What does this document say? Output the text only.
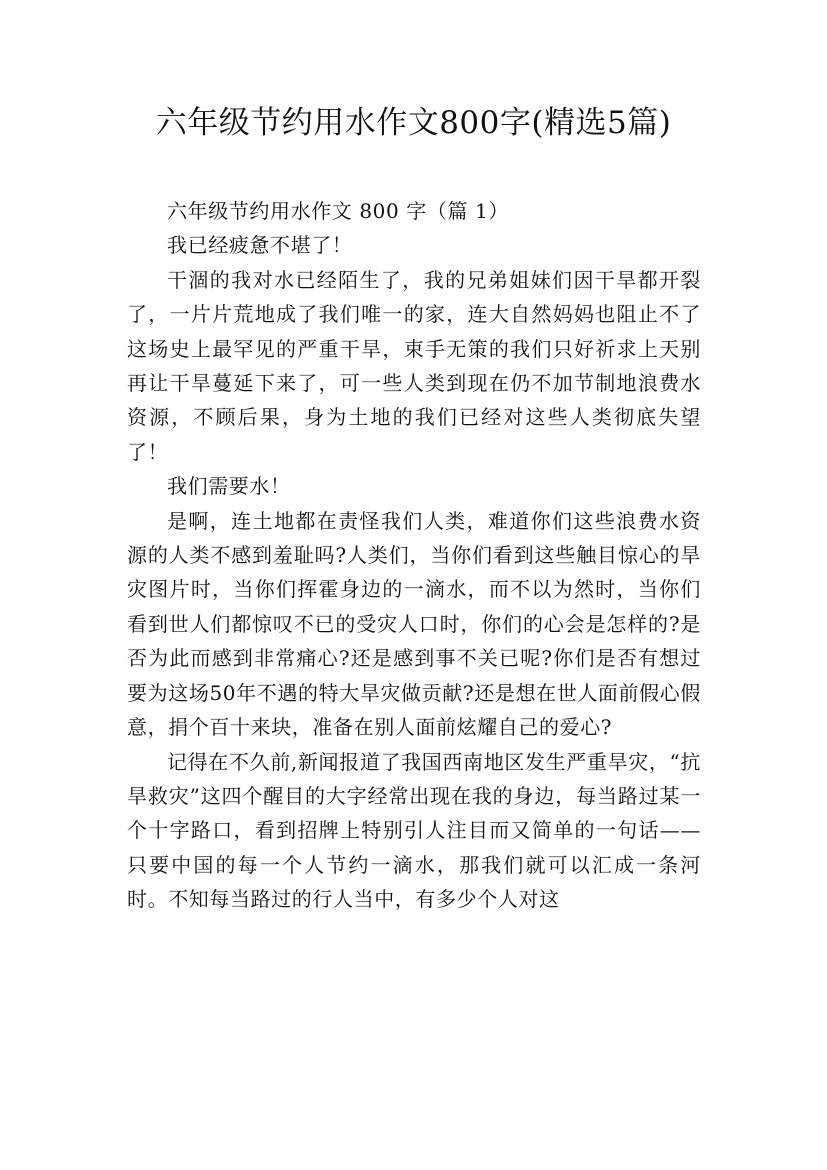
六年级节约用水作文800字(精选5篇)

六年级节约用水作文 800 字（篇 1）

我已经疲惫不堪了！

干涸的我对水已经陌生了，我的兄弟姐妹们因干旱都开裂了，一片片荒地成了我们唯一的家，连大自然妈妈也阻止不了这场史上最罕见的严重干旱，束手无策的我们只好祈求上天别再让干旱蔓延下来了，可一些人类到现在仍不加节制地浪费水资源，不顾后果，身为土地的我们已经对这些人类彻底失望了！

我们需要水！

是啊，连土地都在责怪我们人类，难道你们这些浪费水资源的人类不感到羞耻吗?人类们，当你们看到这些触目惊心的旱灾图片时，当你们挥霍身边的一滴水，而不以为然时，当你们看到世人们都惊叹不已的受灾人口时，你们的心会是怎样的?是否为此而感到非常痛心?还是感到事不关已呢?你们是否有想过要为这场50年不遇的特大旱灾做贡献?还是想在世人面前假心假意，捐个百十来块，准备在别人面前炫耀自己的爱心?

记得在不久前,新闻报道了我国西南地区发生严重旱灾，“抗旱救灾”这四个醒目的大字经常出现在我的身边，每当路过某一个十字路口，看到招牌上特别引人注目而又简单的一句话——只要中国的每一个人节约一滴水，那我们就可以汇成一条河时。不知每当路过的行人当中，有多少个人对这
